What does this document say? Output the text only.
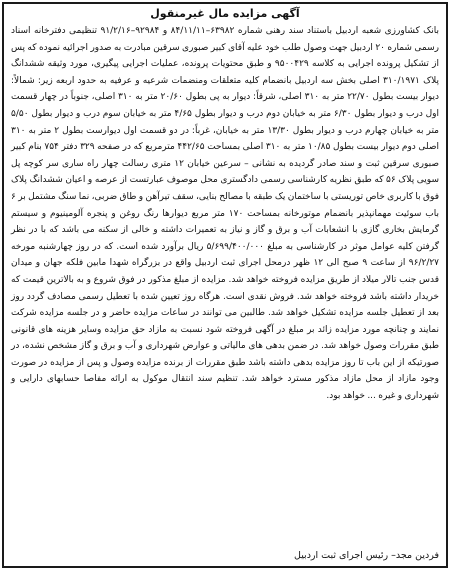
آگهی مزایده مال غیرمنقول

بانک کشاورزی شعبه اردبیل باستناد سند رهنی شماره ۶۳۹۸۲–۸۴/۱۱/۱۱ و ۹۲۹۸۴–۹۱/۲/۱۶ تنظیمی دفترخانه اسناد رسمی شماره ۲۰ اردبیل جهت وصول طلب خود علیه آقای کبیر صبوری سرقین مبادرت به صدور اجرائیه نموده که پس از تشکیل پرونده اجرایی به کلاسه ۹۵۰۰۴۲۹ و طبق محتویات پرونده، عملیات اجرایی پیگیری، مورد وثیقه ششدانگ پلاک ۳۱۰/۱۹۷۱ اصلی بخش سه اردبیل بانضمام کلیه متعلقات ومنضمات شرعیه و عرفیه به حدود اربعه زیر: شمالاً: دیوار بیست بطول ۲۲/۷۰ متر به ۳۱۰ اصلی، شرقاً: دیوار به پی بطول ۲۰/۶۰ متر به ۳۱۰ اصلی، جنوباً در چهار قسمت اول درب و دیوار بطول ۶/۳۰ متر به خیابان دوم درب و دیوار بطول ۴/۶۵ متر به خیابان سوم درب و دیوار بطول ۵/۵۰ متر به خیابان چهارم درب و دیوار بطول ۱۳/۳۰ متر به خیابان، غرباً: در دو قسمت اول دیوارست بطول ۲ متر به ۳۱۰ اصلی دوم دیوار بیست بطول ۱۰/۸۵ متر به ۳۱۰ اصلی بمساحت ۴۴۲/۶۵ مترمربع که در صفحه ۳۲۹ دفتر ۷۵۴ بنام کبیر صبوری سرقین ثبت و سند صادر گردیده به نشانی – سرعین خیابان ۱۲ متری رسالت چهار راه ساری سر کوچه پل سویی پلاک ۵۶ که طبق نظریه کارشناسی رسمی دادگستری محل موصوف عبارتست از عرصه و اعیان ششدانگ پلاک فوق با کاربری خاص توریستی با ساختمان یک طبقه با مصالح بنایی، سقف تیرآهن و طاق ضربی، نما سنگ مشتمل بر ۶ باب سوئیت مهمانپذیر بانضمام موتورخانه بمساحت ۱۷۰ متر مربع دیوارها رنگ روغن و پنجره آلومینیوم و سیستم گرمایش بخاری گازی با انشعابات آب و برق و گاز و نیاز به تعمیرات داشته و خالی از سکنه می باشد که با در نظر گرفتن کلیه عوامل موثر در کارشناسی به مبلغ ۵/۶۹۹/۴۰۰/۰۰۰ ریال برآورد شده است. که در روز چهارشنبه مورخه ۹۶/۲/۲۷ از ساعت ۹ صبح الی ۱۲ ظهر درمحل اجرای ثبت اردبیل واقع در بزرگراه شهدا مابین فلکه جهان و میدان قدس جنب تالار میلاد از طریق مزایده فروخته خواهد شد. مزایده از مبلغ مذکور در فوق شروع و به بالاترین قیمت که خریدار داشته باشد فروخته خواهد شد. فروش نقدی است. هرگاه روز تعیین شده با تعطیل رسمی مصادف گردد روز بعد از تعطیل جلسه مزایده تشکیل خواهد شد. طالبین می توانند در ساعات مزایده حاضر و در جلسه مزایده شرکت نمایند و چنانچه مورد مزایده زائد بر مبلغ در آگهی فروخته شود نسبت به مازاد حق مزایده وسایر هزینه های قانونی طبق مقررات وصول خواهد شد. در ضمن بدهی های مالیاتی و عوارض شهرداری و آب و برق و گاز مشخص نشده، در صورتیکه از این باب تا روز مزایده بدهی داشته باشد طبق مقررات از برنده مزایده وصول و پس از مزایده در صورت وجود مازاد از محل مازاد مذکور مسترد خواهد شد. تنظیم سند انتقال موکول به ارائه مفاصا حسابهای دارایی و شهرداری و غیره ... خواهد بود.

فردین مجد– رئیس اجرای ثبت اردبیل
